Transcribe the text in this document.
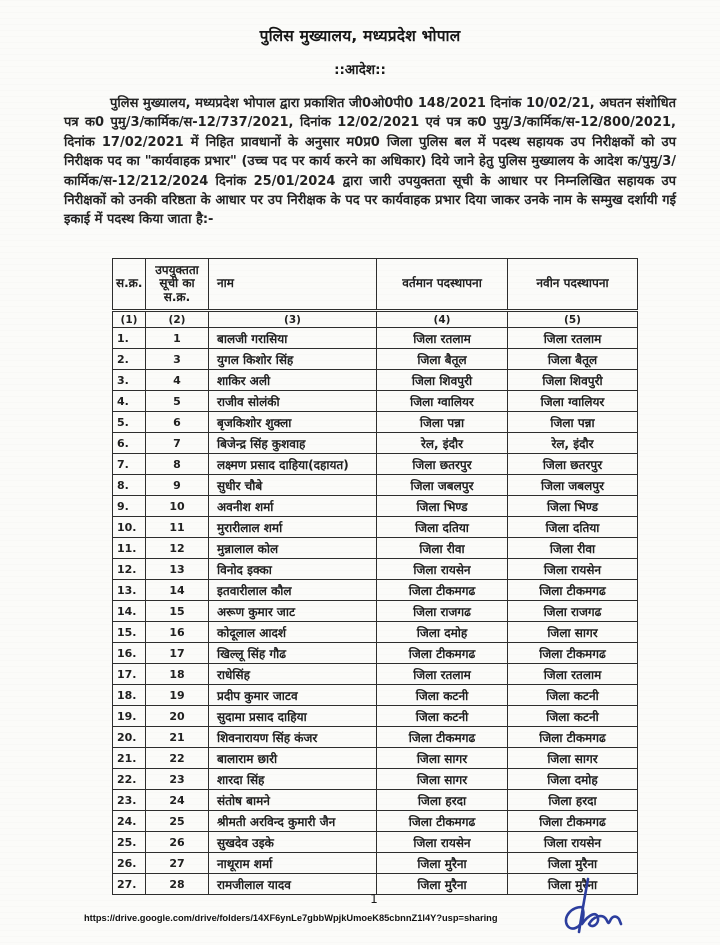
पुलिस मुख्यालय, मध्यप्रदेश भोपाल
::आदेश::

पुलिस मुख्यालय, मध्यप्रदेश भोपाल द्वारा प्रकाशित जी0ओ0पी0 148/2021 दिनांक 10/02/21, अघतन संशोधित पत्र क0 पुमु/3/कार्मिक/स-12/737/2021, दिनांक 12/02/2021 एवं पत्र क0 पुमु/3/कार्मिक/स-12/800/2021, दिनांक 17/02/2021 में निहित प्रावधानों के अनुसार म0प्र0 जिला पुलिस बल में पदस्थ सहायक उप निरीक्षकों को उप निरीक्षक पद का "कार्यवाहक प्रभार" (उच्च पद पर कार्य करने का अधिकार) दिये जाने हेतु पुलिस मुख्यालय के आदेश क/पुमु/3/कार्मिक/स-12/212/2024 दिनांक 25/01/2024 द्वारा जारी उपयुक्तता सूची के आधार पर निम्नलिखित सहायक उप निरीक्षकों को उनकी वरिष्ठता के आधार पर उप निरीक्षक के पद पर कार्यवाहक प्रभार दिया जाकर उनके नाम के सम्मुख दर्शायी गई इकाई में पदस्थ किया जाता है:-

स.क्र.	उपयुक्तता सूची का स.क्र.	नाम	वर्तमान पदस्थापना	नवीन पदस्थापना
(1)	(2)	(3)	(4)	(5)
1.	1	बालजी गरासिया	जिला रतलाम	जिला रतलाम
2.	3	युगल किशोर सिंह	जिला बैतूल	जिला बैतूल
3.	4	शाकिर अली	जिला शिवपुरी	जिला शिवपुरी
4.	5	राजीव सोलंकी	जिला ग्वालियर	जिला ग्वालियर
5.	6	बृजकिशोर शुक्ला	जिला पन्ना	जिला पन्ना
6.	7	बिजेन्द्र सिंह कुशवाह	रेल, इंदौर	रेल, इंदौर
7.	8	लक्ष्मण प्रसाद दाहिया(दहायत)	जिला छतरपुर	जिला छतरपुर
8.	9	सुधीर चौबे	जिला जबलपुर	जिला जबलपुर
9.	10	अवनीश शर्मा	जिला भिण्ड	जिला भिण्ड
10.	11	मुरारीलाल शर्मा	जिला दतिया	जिला दतिया
11.	12	मुन्नालाल कोल	जिला रीवा	जिला रीवा
12.	13	विनोद इक्का	जिला रायसेन	जिला रायसेन
13.	14	इतवारीलाल कौल	जिला टीकमगढ	जिला टीकमगढ
14.	15	अरूण कुमार जाट	जिला राजगढ	जिला राजगढ
15.	16	कोदूलाल आदर्श	जिला दमोह	जिला सागर
16.	17	खिल्लू सिंह गौढ	जिला टीकमगढ	जिला टीकमगढ
17.	18	राधेसिंह	जिला रतलाम	जिला रतलाम
18.	19	प्रदीप कुमार जाटव	जिला कटनी	जिला कटनी
19.	20	सुदामा प्रसाद दाहिया	जिला कटनी	जिला कटनी
20.	21	शिवनारायण सिंह कंजर	जिला टीकमगढ	जिला टीकमगढ
21.	22	बालाराम छारी	जिला सागर	जिला सागर
22.	23	शारदा सिंह	जिला सागर	जिला दमोह
23.	24	संतोष बामने	जिला हरदा	जिला हरदा
24.	25	श्रीमती अरविन्द कुमारी जैन	जिला टीकमगढ	जिला टीकमगढ
25.	26	सुखदेव उइके	जिला रायसेन	जिला रायसेन
26.	27	नाथूराम शर्मा	जिला मुरैना	जिला मुरैना
27.	28	रामजीलाल यादव	जिला मुरैना	जिला मुरैना
1
https://drive.google.com/drive/folders/14XF6ynLe7gbbWpjkUmoeK85cbnnZ1l4Y?usp=sharing
